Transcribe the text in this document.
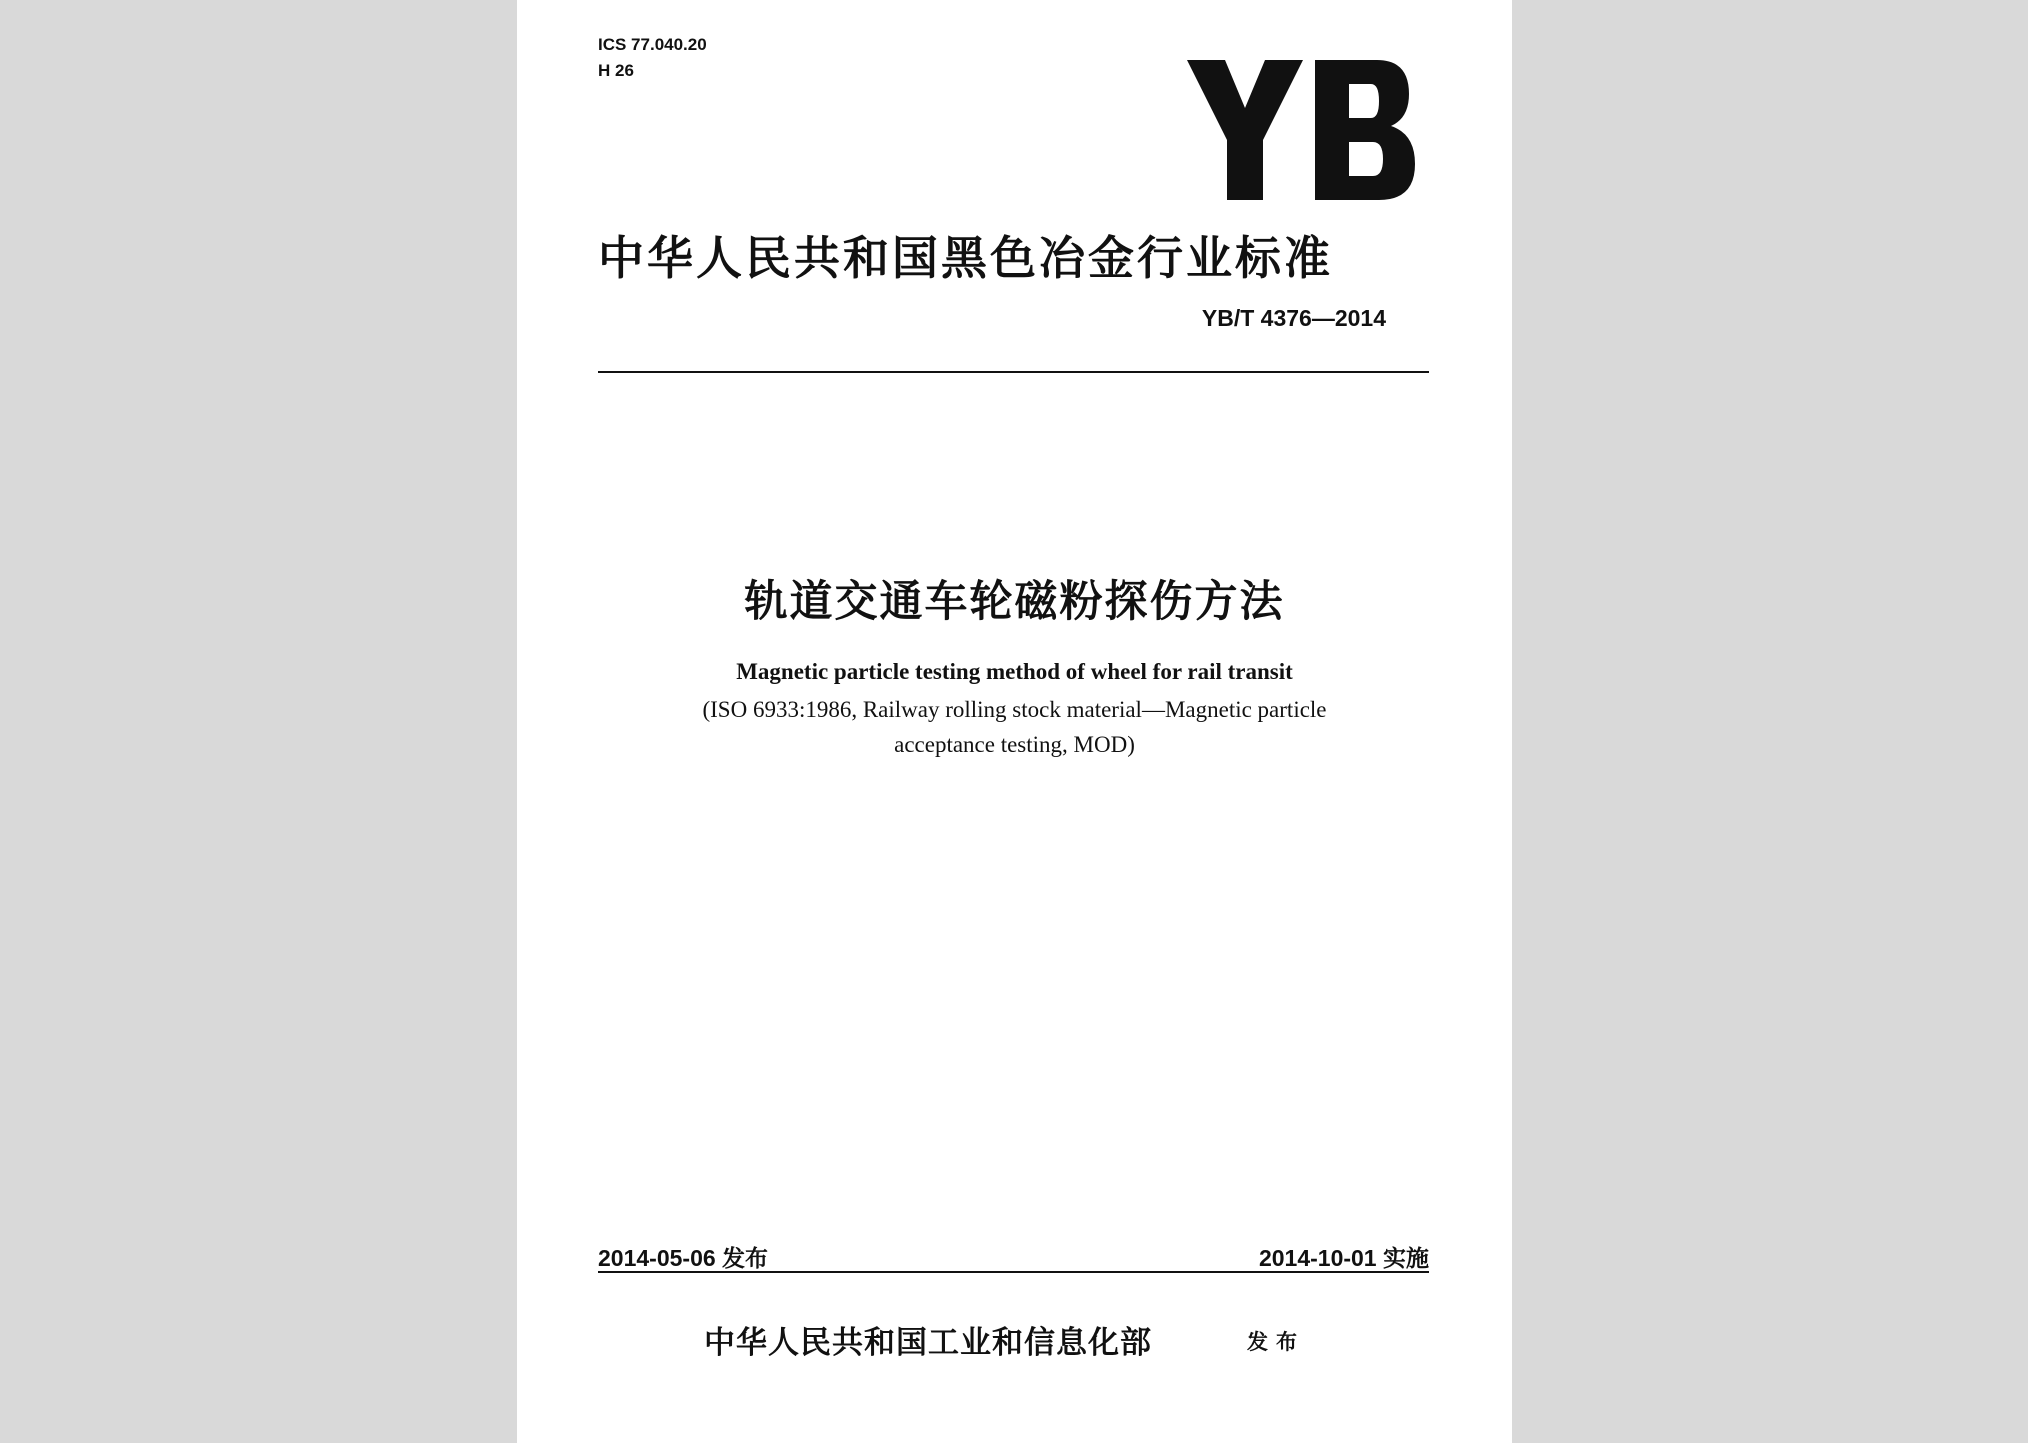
ICS 77.040.20
H 26
中华人民共和国黑色冶金行业标准
YB/T 4376—2014
轨道交通车轮磁粉探伤方法
Magnetic particle testing method of wheel for rail transit
(ISO 6933:1986, Railway rolling stock material—Magnetic particle
acceptance testing, MOD)
2014-05-06 发布	2014-10-01 实施
中华人民共和国工业和信息化部	发布
